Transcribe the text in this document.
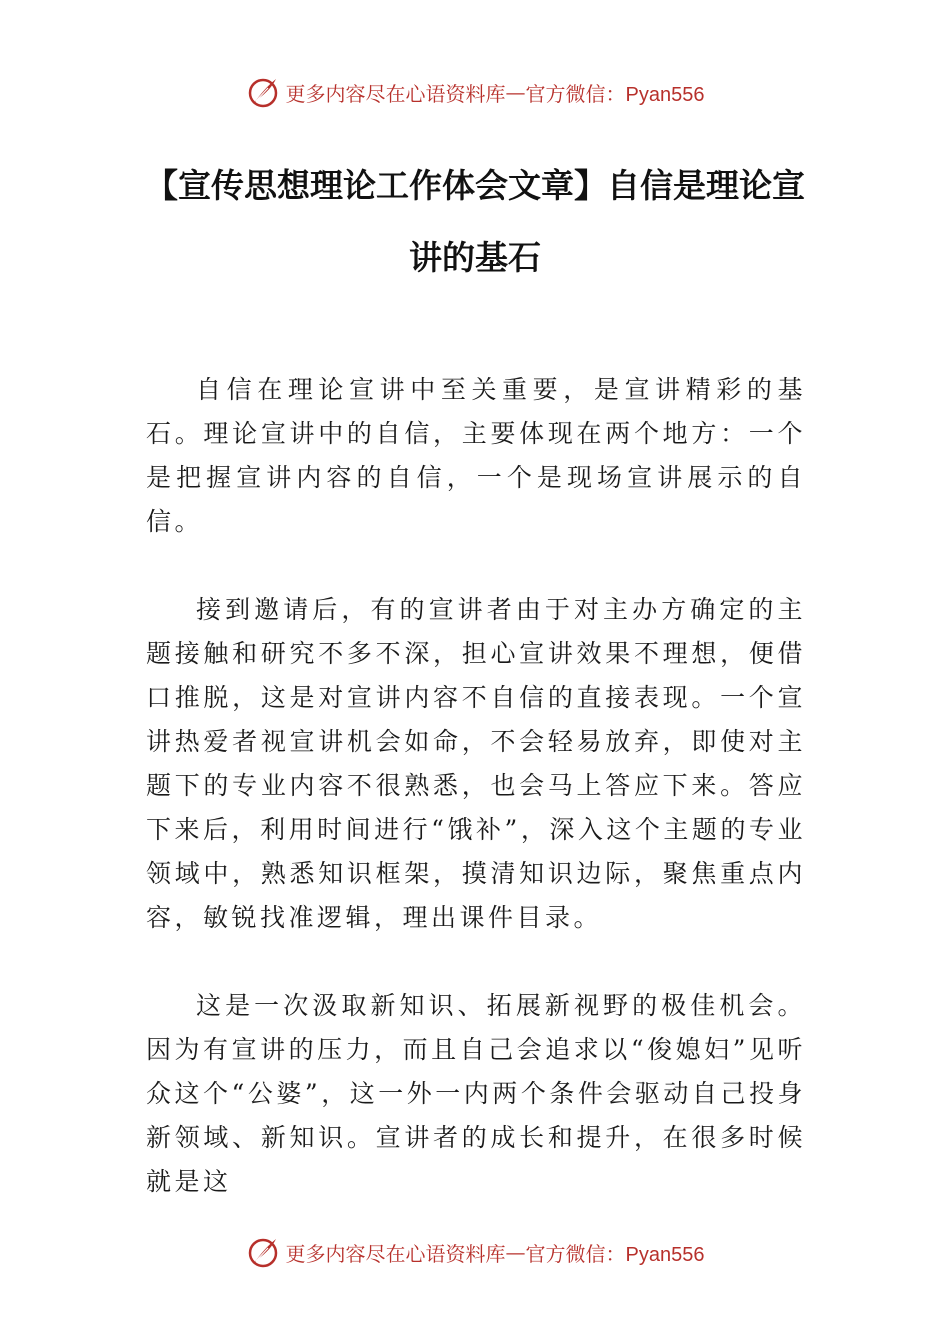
更多内容尽在心语资料库 — 官方微信：Pyan556
【宣传思想理论工作体会文章】自信是理论宣讲的基石

自信在理论宣讲中至关重要，是宣讲精彩的基石。理论宣讲中的自信，主要体现在两个地方：一个是把握宣讲内容的自信，一个是现场宣讲展示的自信。

接到邀请后，有的宣讲者由于对主办方确定的主题接触和研究不多不深，担心宣讲效果不理想，便借口推脱，这是对宣讲内容不自信的直接表现。一个宣讲热爱者视宣讲机会如命，不会轻易放弃，即使对主题下的专业内容不很熟悉，也会马上答应下来。答应下来后，利用时间进行“饿补”，深入这个主题的专业领域中，熟悉知识框架，摸清知识边际，聚焦重点内容，敏锐找准逻辑，理出课件目录。

这是一次汲取新知识、拓展新视野的极佳机会。因为有宣讲的压力，而且自己会追求以“俊媳妇”见听众这个“公婆”，这一外一内两个条件会驱动自己投身新领域、新知识。宣讲者的成长和提升，在很多时候就是这

更多内容尽在心语资料库 — 官方微信：Pyan556
